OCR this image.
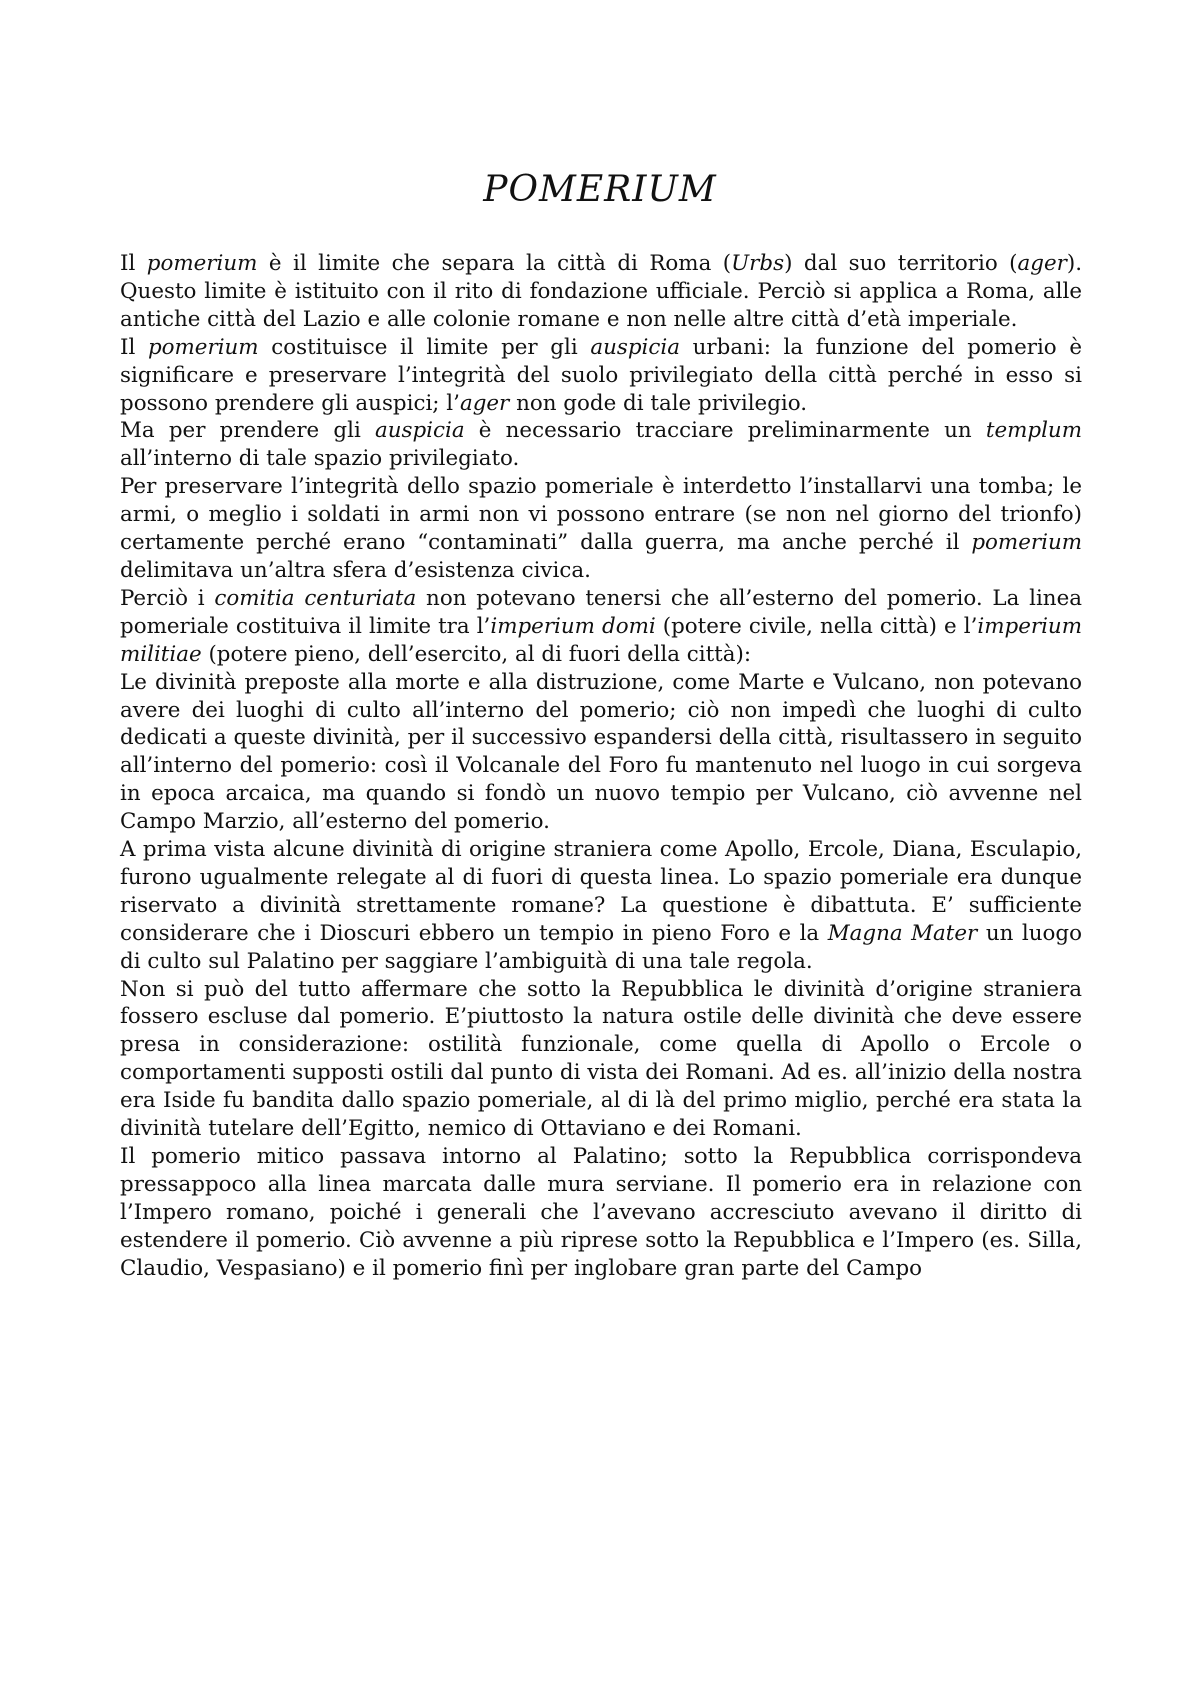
POMERIUM

Il pomerium è il limite che separa la città di Roma (Urbs) dal suo territorio (ager). Questo limite è istituito con il rito di fondazione ufficiale. Perciò si applica a Roma, alle antiche città del Lazio e alle colonie romane e non nelle altre città d’età imperiale.

Il pomerium costituisce il limite per gli auspicia urbani: la funzione del pomerio è significare e preservare l’integrità del suolo privilegiato della città perché in esso si possono prendere gli auspici; l’ager non gode di tale privilegio.

Ma per prendere gli auspicia è necessario tracciare preliminarmente un templum all’interno di tale spazio privilegiato.

Per preservare l’integrità dello spazio pomeriale è interdetto l’installarvi una tomba; le armi, o meglio i soldati in armi non vi possono entrare (se non nel giorno del trionfo) certamente perché erano “contaminati” dalla guerra, ma anche perché il pomerium delimitava un’altra sfera d’esistenza civica.

Perciò i comitia centuriata non potevano tenersi che all’esterno del pomerio. La linea pomeriale costituiva il limite tra l’imperium domi (potere civile, nella città) e l’imperium militiae (potere pieno, dell’esercito, al di fuori della città):

Le divinità preposte alla morte e alla distruzione, come Marte e Vulcano, non potevano avere dei luoghi di culto all’interno del pomerio; ciò non impedì che luoghi di culto dedicati a queste divinità, per il successivo espandersi della città, risultassero in seguito all’interno del pomerio: così il Volcanale del Foro fu mantenuto nel luogo in cui sorgeva in epoca arcaica, ma quando si fondò un nuovo tempio per Vulcano, ciò avvenne nel Campo Marzio, all’esterno del pomerio.

A prima vista alcune divinità di origine straniera come Apollo, Ercole, Diana, Esculapio, furono ugualmente relegate al di fuori di questa linea. Lo spazio pomeriale era dunque riservato a divinità strettamente romane? La questione è dibattuta. E’ sufficiente considerare che i Dioscuri ebbero un tempio in pieno Foro e la Magna Mater un luogo di culto sul Palatino per saggiare l’ambiguità di una tale regola.

Non si può del tutto affermare che sotto la Repubblica le divinità d’origine straniera fossero escluse dal pomerio. E’piuttosto la natura ostile delle divinità che deve essere presa in considerazione: ostilità funzionale, come quella di Apollo o Ercole o comportamenti supposti ostili dal punto di vista dei Romani. Ad es. all’inizio della nostra era Iside fu bandita dallo spazio pomeriale, al di là del primo miglio, perché era stata la divinità tutelare dell’Egitto, nemico di Ottaviano e dei Romani.

Il pomerio mitico passava intorno al Palatino; sotto la Repubblica corrispondeva pressappoco alla linea marcata dalle mura serviane. Il pomerio era in relazione con l’Impero romano, poiché i generali che l’avevano accresciuto avevano il diritto di estendere il pomerio. Ciò avvenne a più riprese sotto la Repubblica e l’Impero (es. Silla, Claudio, Vespasiano) e il pomerio finì per inglobare gran parte del Campo
